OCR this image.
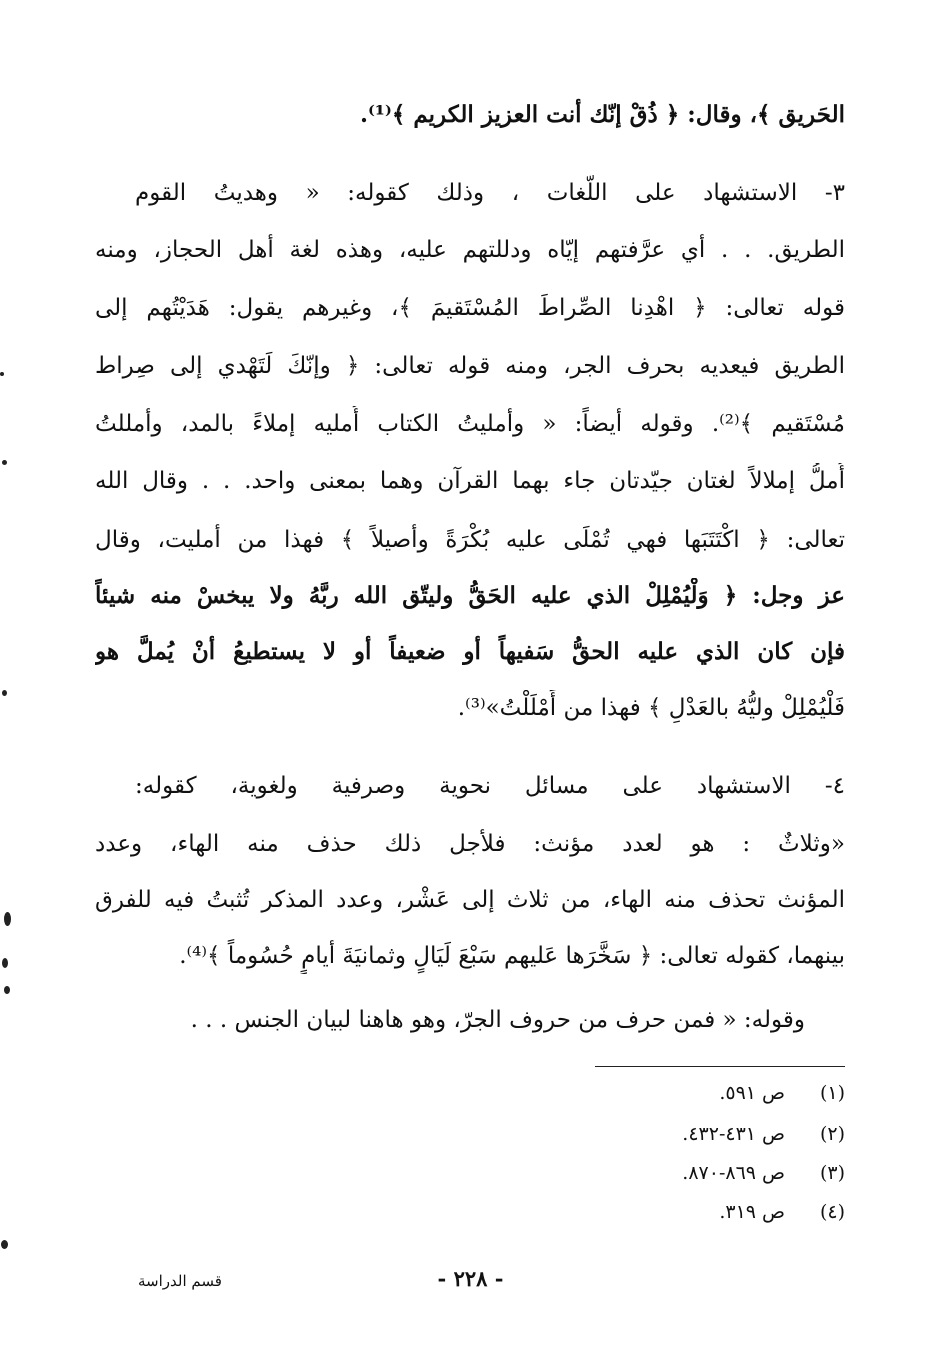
الحَريق ﴾، وقال: ﴿ ذُقْ إنّك أنت العزيز الكريم ﴾⁽¹⁾.
٣- الاستشهاد على اللّغات ، وذلك كقوله: « وهديتُ القوم
الطريق. . . أي عرَّفتهم إيّاه ودللتهم عليه، وهذه لغة أهل الحجاز، ومنه
قوله تعالى: ﴿ اهْدِنا الصِّراطَ المُسْتَقيمَ ﴾، وغيرهم يقول: هَدَيْتُهم إلى
الطريق فيعديه بحرف الجر، ومنه قوله تعالى: ﴿ وإنّكَ لَتَهْدي إلى صِراط
مُسْتَقيم ﴾⁽²⁾. وقوله أيضاً: « وأمليتُ الكتاب أُمليه إملاءً بالمد، وأمللتُ
أُملُّ إملالاً لغتان جيّدتان جاء بهما القرآن وهما بمعنى واحد. . . وقال الله
تعالى: ﴿ اكْتَتَبَها فهي تُمْلَى عليه بُكْرَةً وأصيلاً ﴾ فهذا من أمليت، وقال
عز وجل: ﴿ وَلْيُمْلِلْ الذي عليه الحَقُّ وليتّق الله ربَّهُ ولا يبخسْ منه شيئاً
فإن كان الذي عليه الحقُّ سَفيهاً أو ضعيفاً أو لا يستطيعُ أنْ يُملَّ هو
فَلْيُمْلِلْ وليُّهُ بالعَدْلِ ﴾ فهذا من أَمْلَلْتُ»⁽³⁾.
٤- الاستشهاد على مسائل نحوية وصرفية ولغوية، كقوله:
«وثلاثٌ : هو لعدد مؤنث: فلأجل ذلك حذف منه الهاء، وعدد
المؤنث تحذف منه الهاء، من ثلاث إلى عَشْر، وعدد المذكر تُثبتُ فيه للفرق
بينهما، كقوله تعالى: ﴿ سَخَّرَها عَليهم سَبْعَ لَيَالٍ وثمانيَةَ أيامٍ حُسُوماً ﴾⁽⁴⁾.
وقوله: « فمن حرف من حروف الجرّ، وهو هاهنا لبيان الجنس . . .
(١)ص ٥٩١.
(٢)ص ٤٣١-٤٣٢.
(٣)ص ٨٦٩-٨٧٠.
(٤)ص ٣١٩.
- ٢٢٨ -
قسم الدراسة
